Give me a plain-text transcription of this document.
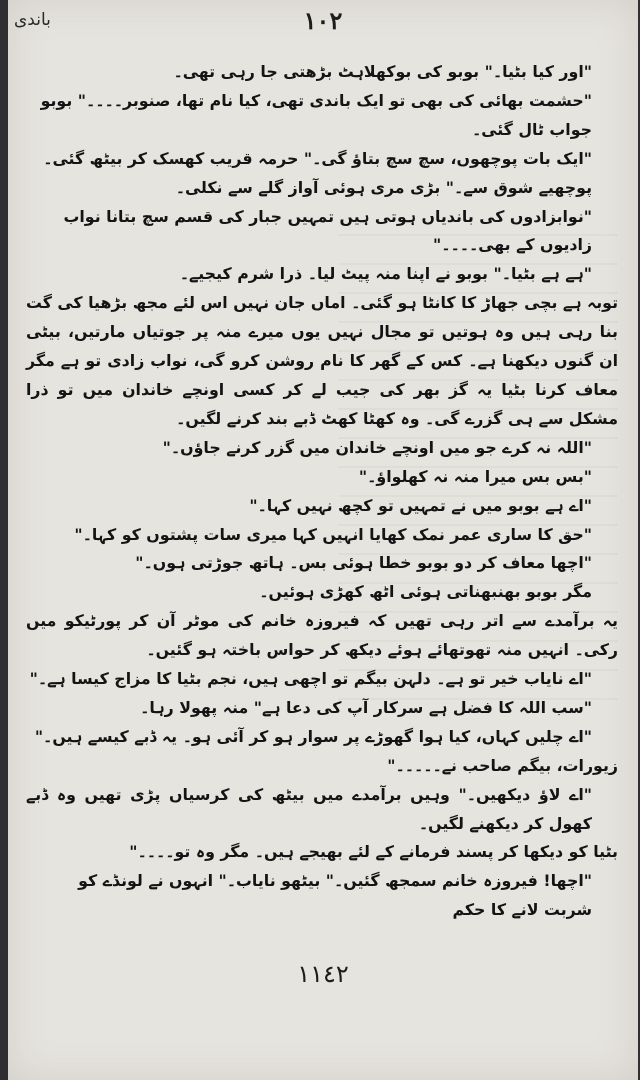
١٠٢
باندی

"اور کیا بٹیا۔" بوبو کی بوکھلاہٹ بڑھتی جا رہی تھی۔

"حشمت بھائی کی بھی تو ایک باندی تھی، کیا نام تھا، صنوبر۔۔۔۔" بوبو جواب ٹال گئی۔

"ایک بات پوچھوں، سچ سچ بتاؤ گی۔" حرمہ قریب کھسک کر بیٹھ گئی۔

پوچھیے شوق سے۔" بڑی مری ہوئی آواز گلے سے نکلی۔

"نوابزادوں کی باندیاں ہوتی ہیں تمہیں جبار کی قسم سچ بتانا نواب زادیوں کے بھی۔۔۔۔"

"ہے ہے بٹیا۔" بوبو نے اپنا منہ پیٹ لیا۔ ذرا شرم کیجیے۔

توبہ ہے بچی جھاڑ کا کانٹا ہو گئی۔ اماں جان نہیں اس لئے مجھ بڑھیا کی گت بنا رہی ہیں وہ ہوتیں تو مجال نہیں یوں میرے منہ پر جوتیاں مارتیں، بیٹی ان گنوں دیکھنا ہے۔ کس کے گھر کا نام روشن کرو گی، نواب زادی تو ہے مگر معاف کرنا بٹیا یہ گز بھر کی جیب لے کر کسی اونچے خاندان میں تو ذرا مشکل سے ہی گزرے گی۔ وہ کھٹا کھٹ ڈبے بند کرنے لگیں۔

"اللہ نہ کرے جو میں اونچے خاندان میں گزر کرنے جاؤں۔"

"بس بس میرا منہ نہ کھلواؤ۔"

"اے ہے بوبو میں نے تمہیں تو کچھ نہیں کہا۔"

"حق کا ساری عمر نمک کھایا انہیں کہا میری سات پشتوں کو کہا۔"

"اچھا معاف کر دو بوبو خطا ہوئی بس۔ ہاتھ جوڑتی ہوں۔"

مگر بوبو بھنبھناتی ہوئی اٹھ کھڑی ہوئیں۔

یہ برآمدے سے اتر رہی تھیں کہ فیروزہ خانم کی موٹر آن کر پورٹیکو میں رکی۔ انہیں منہ تھوتھائے ہوئے دیکھ کر حواس باختہ ہو گئیں۔

"اے نایاب خیر تو ہے۔ دلہن بیگم تو اچھی ہیں، نجم بٹیا کا مزاج کیسا ہے۔"

"سب اللہ کا فضل ہے سرکار آپ کی دعا ہے" منہ پھولا رہا۔

"اے چلیں کہاں، کیا ہوا گھوڑے پر سوار ہو کر آئی ہو۔ یہ ڈبے کیسے ہیں۔"

زیورات، بیگم صاحب نے۔۔۔۔۔"

"اے لاؤ دیکھیں۔" وہیں برآمدے میں بیٹھ کی کرسیاں پڑی تھیں وہ ڈبے کھول کر دیکھنے لگیں۔

بٹیا کو دیکھا کر پسند فرمانے کے لئے بھیجے ہیں۔ مگر وہ تو۔۔۔۔"

"اچھا! فیروزہ خانم سمجھ گئیں۔" بیٹھو نایاب۔" انہوں نے لونڈے کو شربت لانے کا حکم

١١٤٢
